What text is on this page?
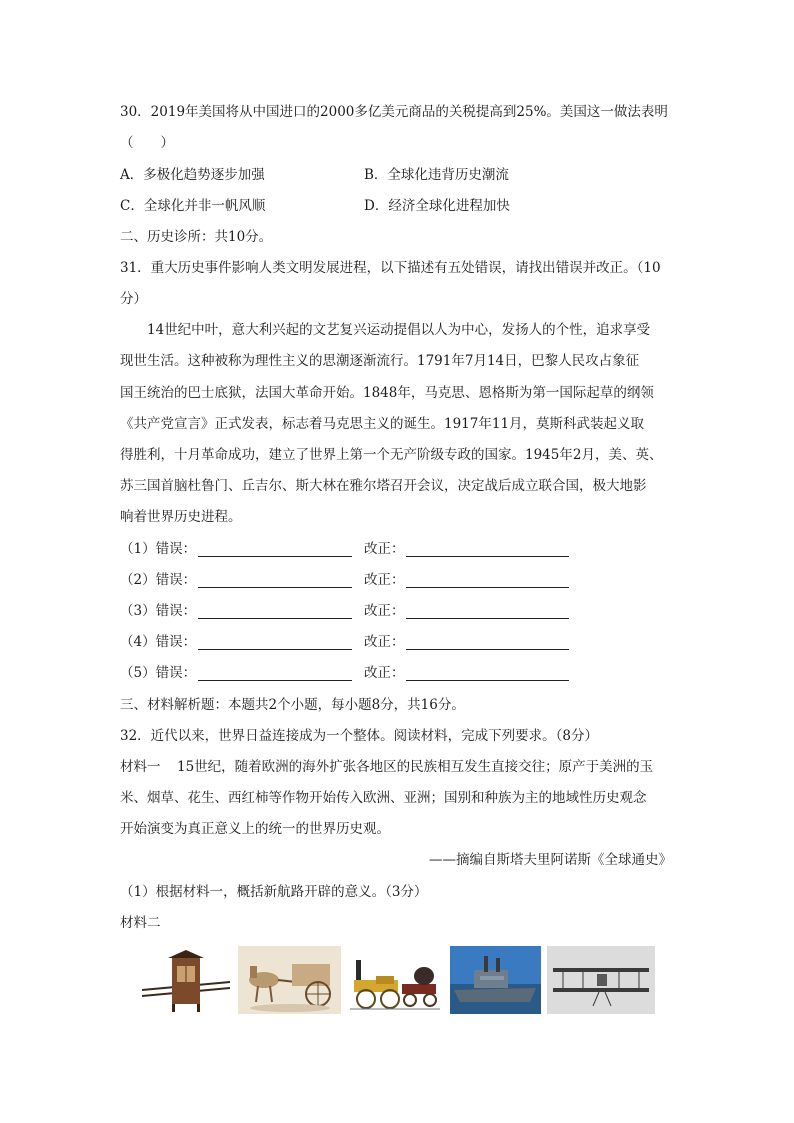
30．2019年美国将从中国进口的2000多亿美元商品的关税提高到25%。美国这一做法表明
（　　）
A．多极化趋势逐步加强	B．全球化违背历史潮流
C．全球化并非一帆风顺	D．经济全球化进程加快
二、历史诊所：共10分。
31．重大历史事件影响人类文明发展进程，以下描述有五处错误，请找出错误并改正。（10
分）
14世纪中叶，意大利兴起的文艺复兴运动提倡以人为中心，发扬人的个性，追求享受
现世生活。这种被称为理性主义的思潮逐渐流行。1791年7月14日，巴黎人民攻占象征
国王统治的巴士底狱，法国大革命开始。1848年，马克思、恩格斯为第一国际起草的纲领
《共产党宣言》正式发表，标志着马克思主义的诞生。1917年11月，莫斯科武装起义取
得胜利，十月革命成功，建立了世界上第一个无产阶级专政的国家。1945年2月，美、英、
苏三国首脑杜鲁门、丘吉尔、斯大林在雅尔塔召开会议，决定战后成立联合国，极大地影
响着世界历史进程。
（1）错误：	改正：
（2）错误：	改正：
（3）错误：	改正：
（4）错误：	改正：
（5）错误：	改正：
三、材料解析题：本题共2个小题，每小题8分，共16分。
32．近代以来，世界日益连接成为一个整体。阅读材料，完成下列要求。（8分）
材料一 15世纪，随着欧洲的海外扩张各地区的民族相互发生直接交往；原产于美洲的玉
米、烟草、花生、西红柿等作物开始传入欧洲、亚洲；国别和种族为主的地域性历史观念
开始演变为真正意义上的统一的世界历史观。
——摘编自斯塔夫里阿诺斯《全球通史》
（1）根据材料一，概括新航路开辟的意义。（3分）
材料二
